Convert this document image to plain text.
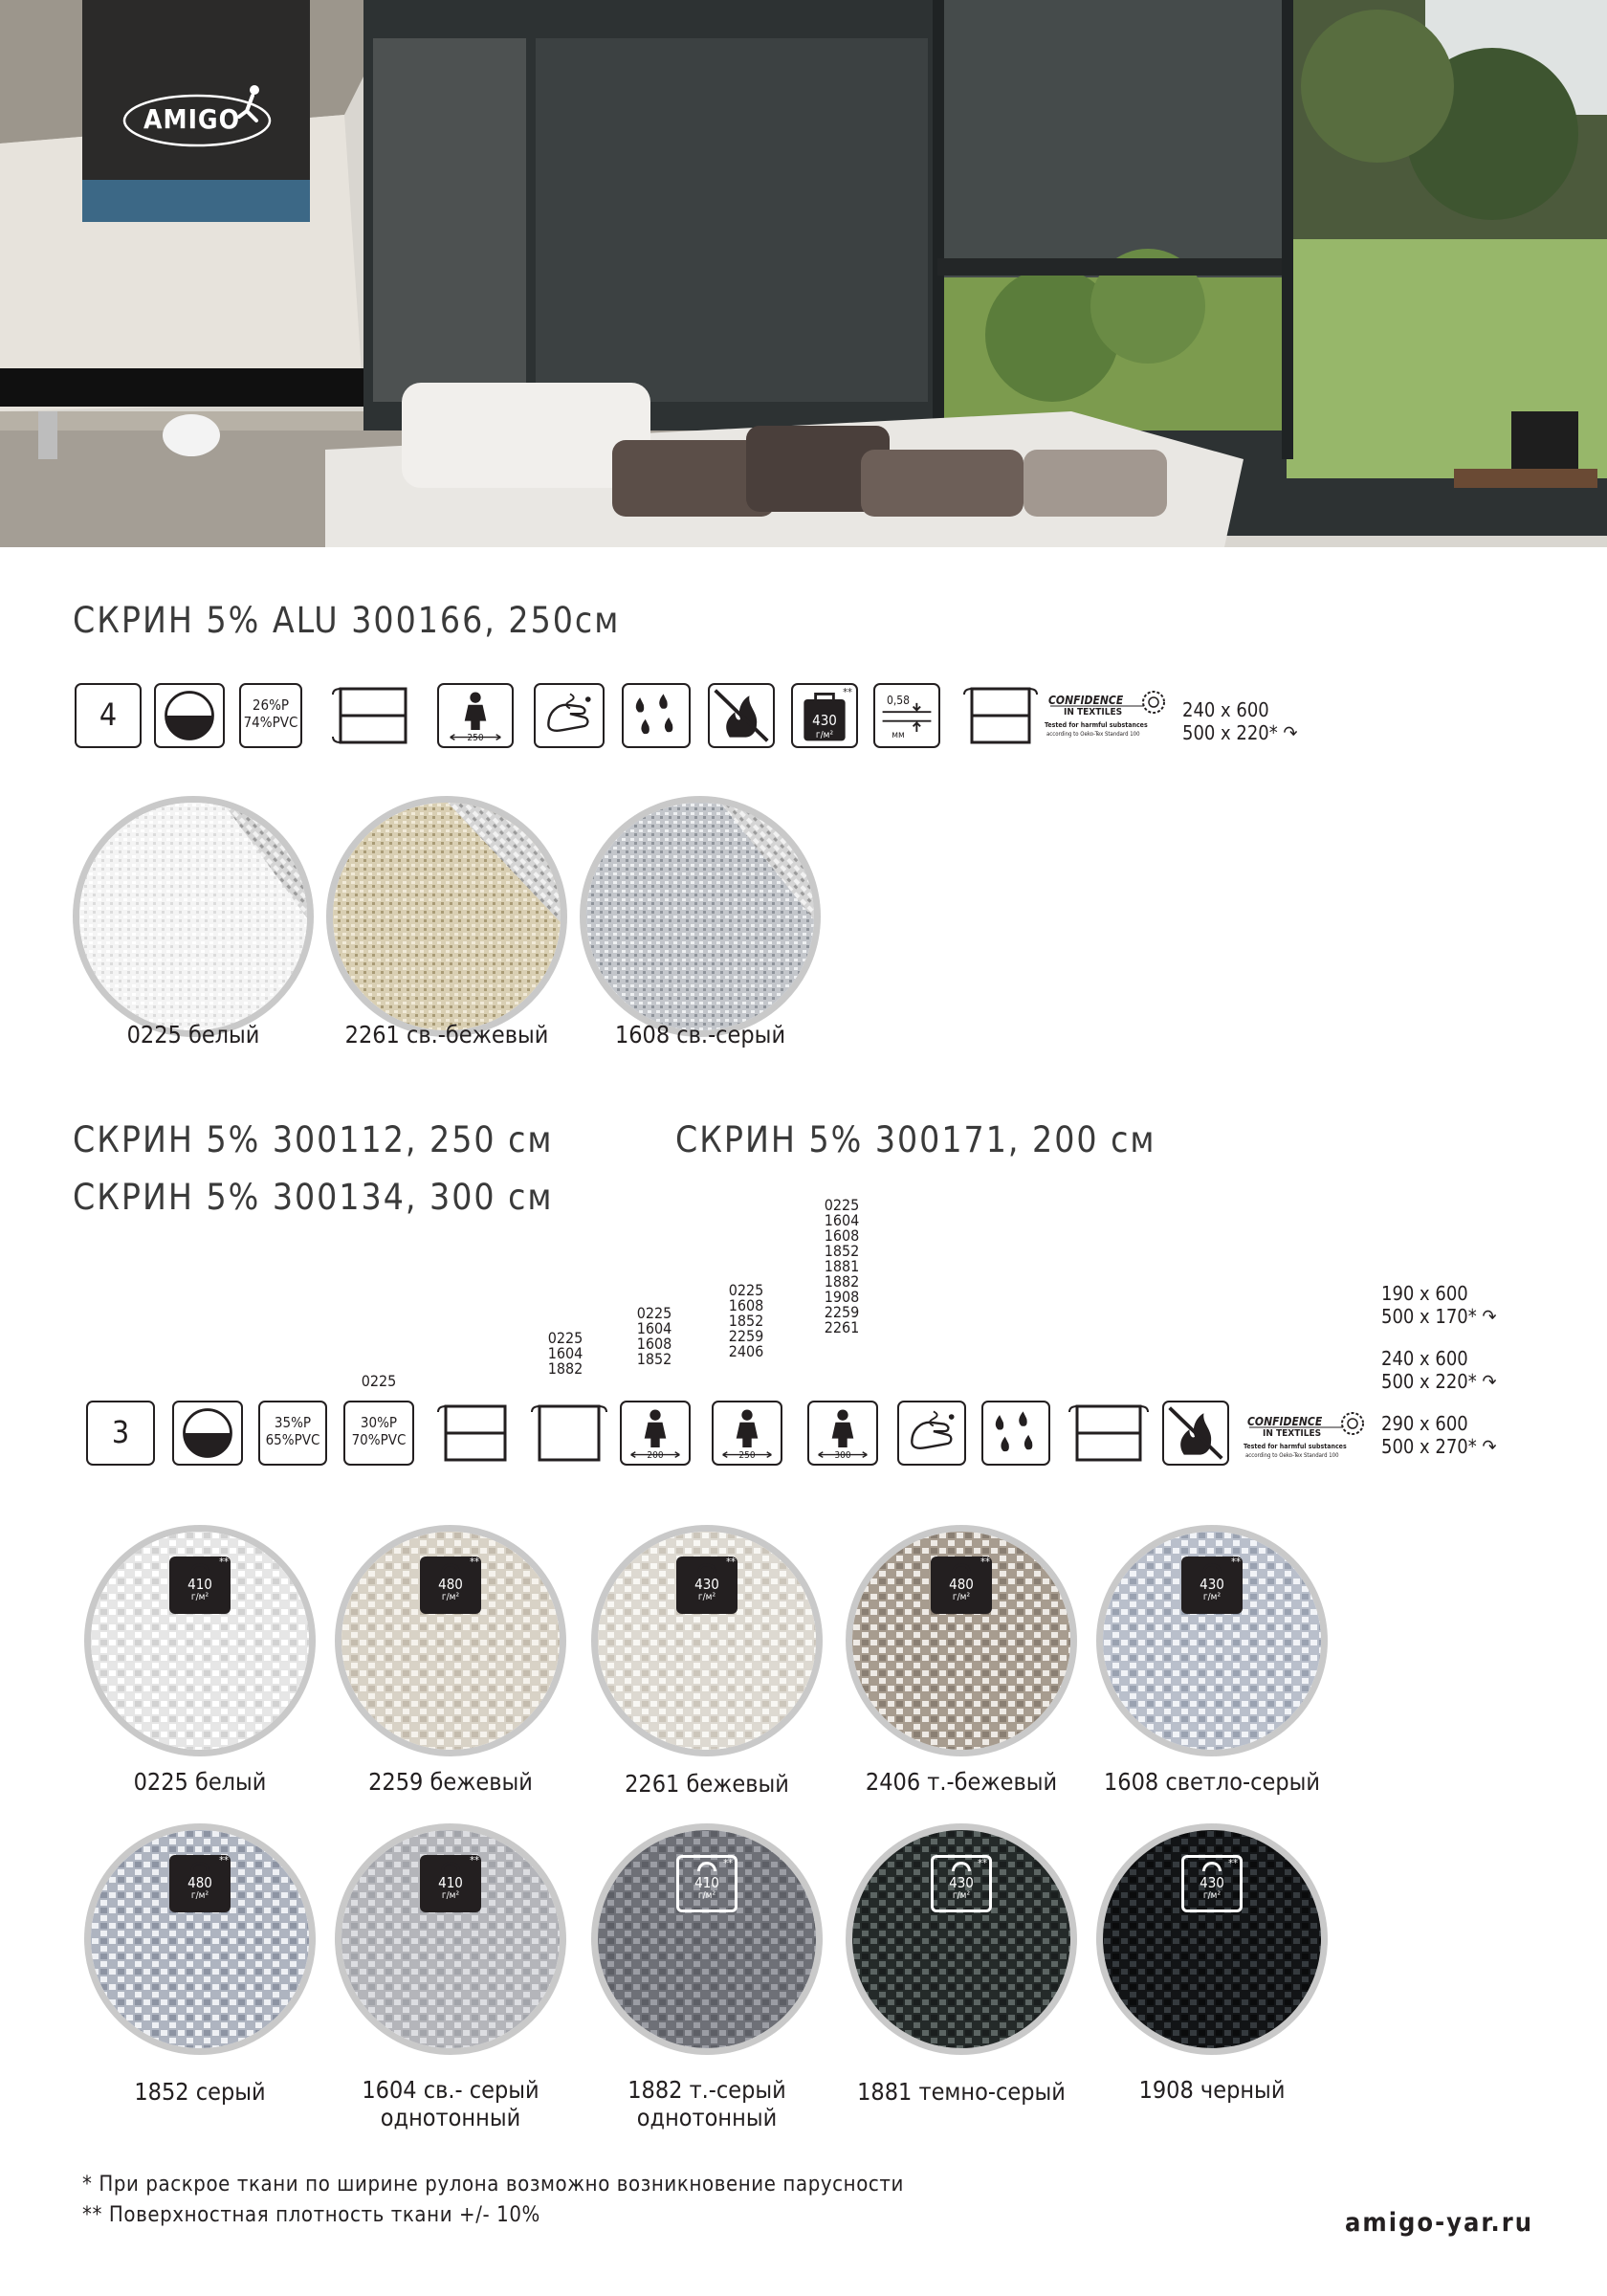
AMIGO
СКРИН 5% ALU 300166, 250см
4	26%P
74%PVC
250
430
г/м²
**
0,58
мм
CONFIDENCE
IN TEXTILES
Tested for harmful substances
according to Oeko-Tex Standard 100
240 x 600
500 x 220* ↷
0225 белый	2261 св.-бежевый	1608 св.-серый
СКРИН 5% 300112, 250 см	СКРИН 5% 300171, 200 см
СКРИН 5% 300134, 300 см
0225
0225
1604
1882
0225
1604
1608
1852
0225
1608
1852
2259
2406
0225
1604
1608
1852
1881
1882
1908
2259
2261
3	35%P
65%PVC
30%P
70%PVC
200	250	300
CONFIDENCE
IN TEXTILES
Tested for harmful substances
according to Oeko-Tex Standard 100
190 x 600
500 x 170* ↷
240 x 600
500 x 220* ↷
290 x 600
500 x 270* ↷
**
410
г/м²
**
480
г/м²
**
430
г/м²
**
480
г/м²
**
430
г/м²
0225 белый	2259 бежевый	2261 бежевый	2406 т.-бежевый	1608 светло-серый
**
480
г/м²
**
410
г/м²
**
410
г/м²
**
430
г/м²
**
430
г/м²
1852 серый	1604 св.- серый
однотонный
1882 т.-серый
однотонный
1881 темно-серый	1908 черный
* При раскрое ткани по ширине рулона возможно возникновение парусности
** Поверхностная плотность ткани +/- 10%	amigo-yar.ru
